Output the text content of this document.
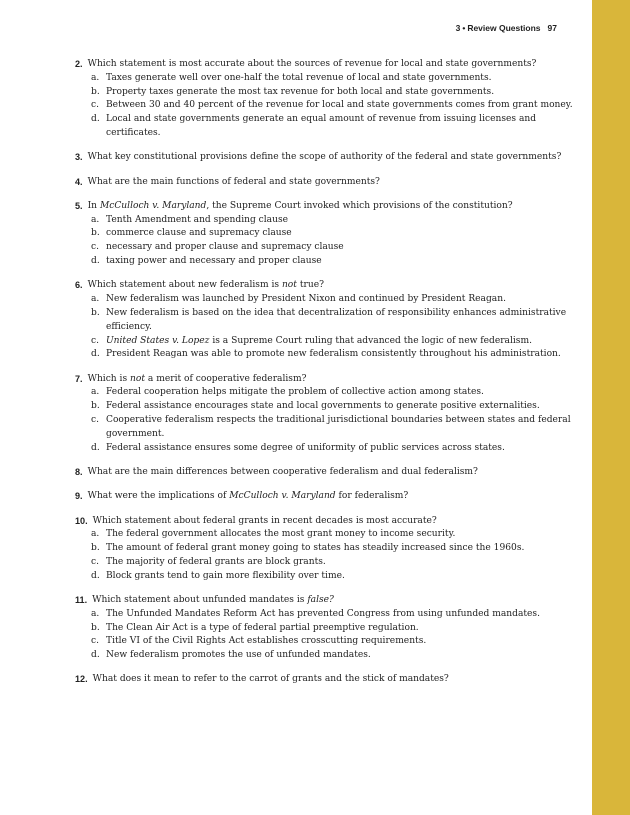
3 • Review Questions 97
2. Which statement is most accurate about the sources of revenue for local and state governments?
a. Taxes generate well over one-half the total revenue of local and state governments.
b. Property taxes generate the most tax revenue for both local and state governments.
c. Between 30 and 40 percent of the revenue for local and state governments comes from grant money.
d. Local and state governments generate an equal amount of revenue from issuing licenses and certificates.
3. What key constitutional provisions define the scope of authority of the federal and state governments?
4. What are the main functions of federal and state governments?
5. In McCulloch v. Maryland, the Supreme Court invoked which provisions of the constitution?
a. Tenth Amendment and spending clause
b. commerce clause and supremacy clause
c. necessary and proper clause and supremacy clause
d. taxing power and necessary and proper clause
6. Which statement about new federalism is not true?
a. New federalism was launched by President Nixon and continued by President Reagan.
b. New federalism is based on the idea that decentralization of responsibility enhances administrative efficiency.
c. United States v. Lopez is a Supreme Court ruling that advanced the logic of new federalism.
d. President Reagan was able to promote new federalism consistently throughout his administration.
7. Which is not a merit of cooperative federalism?
a. Federal cooperation helps mitigate the problem of collective action among states.
b. Federal assistance encourages state and local governments to generate positive externalities.
c. Cooperative federalism respects the traditional jurisdictional boundaries between states and federal government.
d. Federal assistance ensures some degree of uniformity of public services across states.
8. What are the main differences between cooperative federalism and dual federalism?
9. What were the implications of McCulloch v. Maryland for federalism?
10. Which statement about federal grants in recent decades is most accurate?
a. The federal government allocates the most grant money to income security.
b. The amount of federal grant money going to states has steadily increased since the 1960s.
c. The majority of federal grants are block grants.
d. Block grants tend to gain more flexibility over time.
11. Which statement about unfunded mandates is false?
a. The Unfunded Mandates Reform Act has prevented Congress from using unfunded mandates.
b. The Clean Air Act is a type of federal partial preemptive regulation.
c. Title VI of the Civil Rights Act establishes crosscutting requirements.
d. New federalism promotes the use of unfunded mandates.
12. What does it mean to refer to the carrot of grants and the stick of mandates?
